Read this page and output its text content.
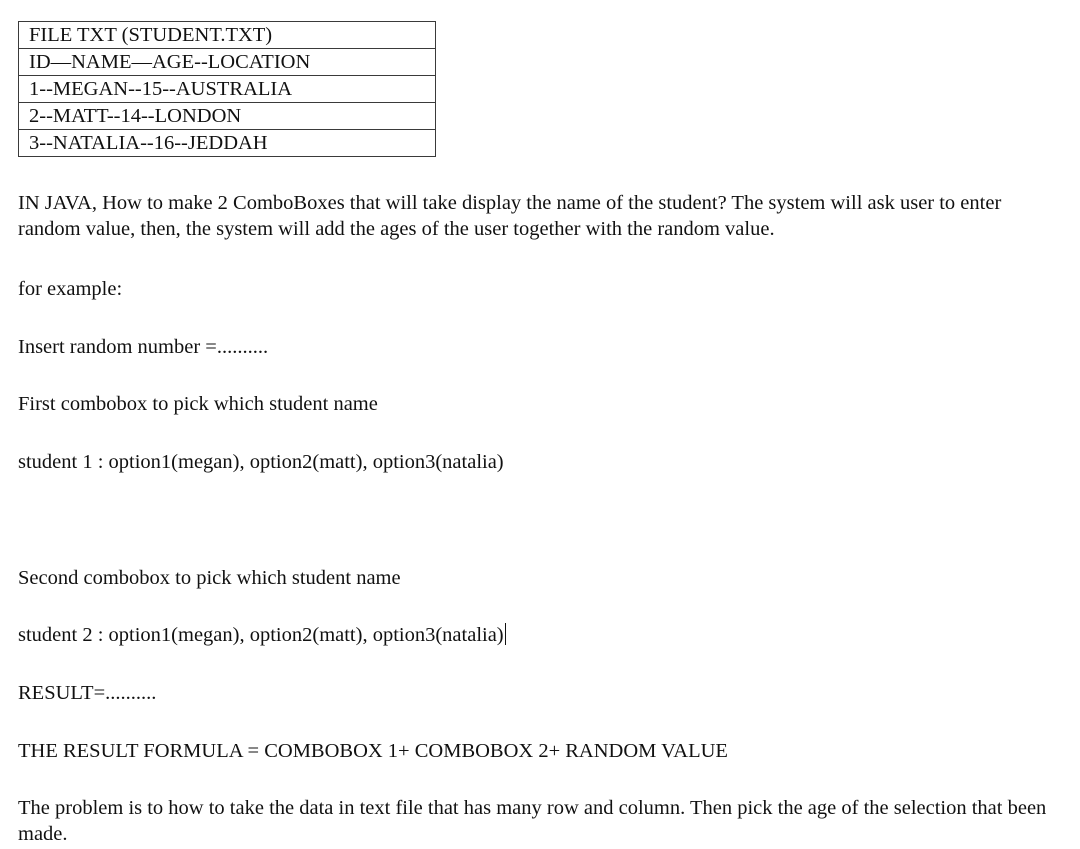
FILE TXT (STUDENT.TXT)
ID—NAME—AGE--LOCATION
1--MEGAN--15--AUSTRALIA
2--MATT--14--LONDON
3--NATALIA--16--JEDDAH

IN JAVA, How to make 2 ComboBoxes that will take display the name of the student? The system will ask user to enter random value, then, the system will add the ages of the user together with the random value.

for example:

Insert random number =..........

First combobox to pick which student name

student 1 : option1(megan), option2(matt), option3(natalia)

Second combobox to pick which student name

student 2 : option1(megan), option2(matt), option3(natalia)

RESULT=..........

THE RESULT FORMULA = COMBOBOX 1+ COMBOBOX 2+ RANDOM VALUE

The problem is to how to take the data in text file that has many row and column. Then pick the age of the selection that been made.
